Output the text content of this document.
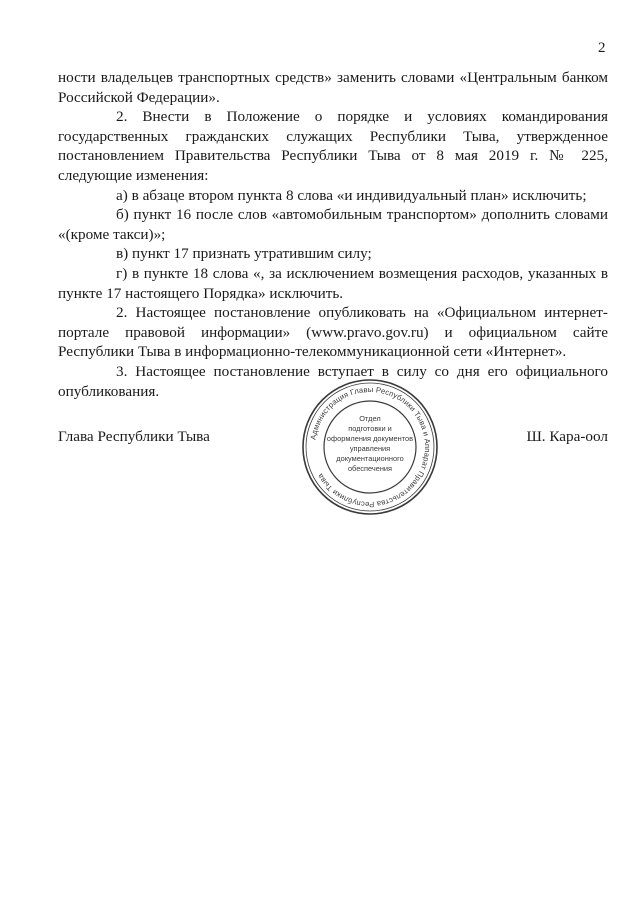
2

ности владельцев транспортных средств» заменить словами «Центральным банком Российской Федерации».

2. Внести в Положение о порядке и условиях командирования государственных гражданских служащих Республики Тыва, утвержденное постановлением Правительства Республики Тыва от 8 мая 2019 г. № 225, следующие изменения:

а) в абзаце втором пункта 8 слова «и индивидуальный план» исключить;

б) пункт 16 после слов «автомобильным транспортом» дополнить словами «(кроме такси)»;

в) пункт 17 признать утратившим силу;

г) в пункте 18 слова «, за исключением возмещения расходов, указанных в пункте 17 настоящего Порядка» исключить.

2. Настоящее постановление опубликовать на «Официальном интернет-портале правовой информации» (www.pravo.gov.ru) и официальном сайте Республики Тыва в информационно-телекоммуникационной сети «Интернет».

3. Настоящее постановление вступает в силу со дня его официального опубликования.

Глава Республики Тыва	Ш. Кара-оол
Администрация Главы Республики Тыва и Аппарат Правительства Республики Тыва
Отдел
подготовки и
оформления документов
управления
документационного
обеспечения
